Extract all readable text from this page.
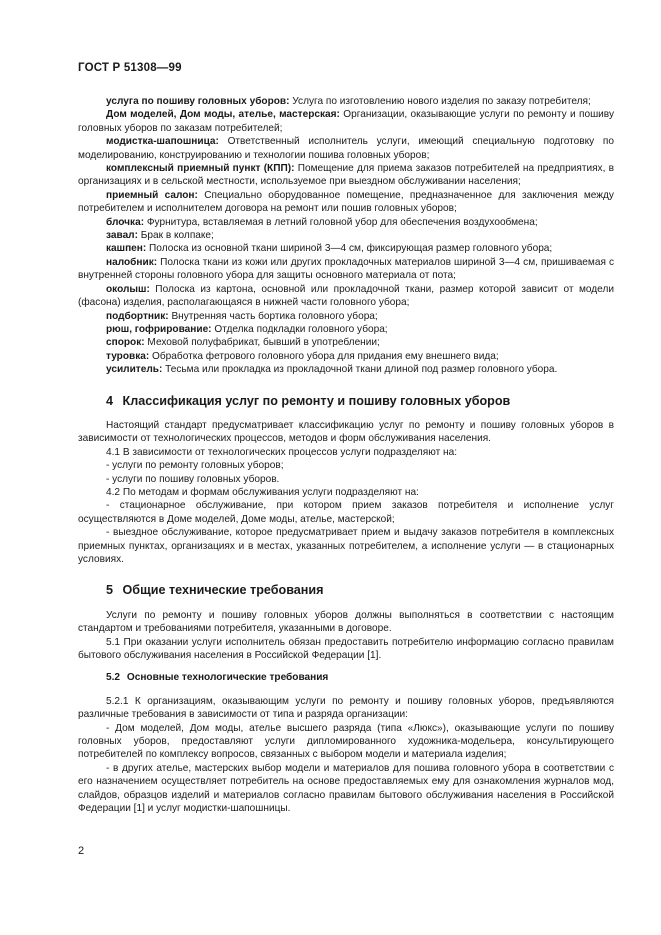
ГОСТ Р 51308—99

услуга по пошиву головных уборов: Услуга по изготовлению нового изделия по заказу потребителя;

Дом моделей, Дом моды, ателье, мастерская: Организации, оказывающие услуги по ремонту и пошиву головных уборов по заказам потребителей;

модистка-шапошница: Ответственный исполнитель услуги, имеющий специальную подготовку по моделированию, конструированию и технологии пошива головных уборов;

комплексный приемный пункт (КПП): Помещение для приема заказов потребителей на предприятиях, в организациях и в сельской местности, используемое при выездном обслуживании населения;

приемный салон: Специально оборудованное помещение, предназначенное для заключения между потребителем и исполнителем договора на ремонт или пошив головных уборов;

блочка: Фурнитура, вставляемая в летний головной убор для обеспечения воздухообмена;

завал: Брак в колпаке;

кашпен: Полоска из основной ткани шириной 3—4 см, фиксирующая размер головного убора;

налобник: Полоска ткани из кожи или других прокладочных материалов шириной 3—4 см, пришиваемая с внутренней стороны головного убора для защиты основного материала от пота;

околыш: Полоска из картона, основной или прокладочной ткани, размер которой зависит от модели (фасона) изделия, располагающаяся в нижней части головного убора;

подбортник: Внутренняя часть бортика головного убора;

рюш, гофрирование: Отделка подкладки головного убора;

спорок: Меховой полуфабрикат, бывший в употреблении;

туровка: Обработка фетрового головного убора для придания ему внешнего вида;

усилитель: Тесьма или прокладка из прокладочной ткани длиной под размер головного убора.

4 Классификация услуг по ремонту и пошиву головных уборов

Настоящий стандарт предусматривает классификацию услуг по ремонту и пошиву головных уборов в зависимости от технологических процессов, методов и форм обслуживания населения.

4.1 В зависимости от технологических процессов услуги подразделяют на:

- услуги по ремонту головных уборов;

- услуги по пошиву головных уборов.

4.2 По методам и формам обслуживания услуги подразделяют на:

- стационарное обслуживание, при котором прием заказов потребителя и исполнение услуг осуществляются в Доме моделей, Доме моды, ателье, мастерской;

- выездное обслуживание, которое предусматривает прием и выдачу заказов потребителя в комплексных приемных пунктах, организациях и в местах, указанных потребителем, а исполнение услуги — в стационарных условиях.

5 Общие технические требования

Услуги по ремонту и пошиву головных уборов должны выполняться в соответствии с настоящим стандартом и требованиями потребителя, указанными в договоре.

5.1 При оказании услуги исполнитель обязан предоставить потребителю информацию согласно правилам бытового обслуживания населения в Российской Федерации [1].

5.2 Основные технологические требования

5.2.1 К организациям, оказывающим услуги по ремонту и пошиву головных уборов, предъявляются различные требования в зависимости от типа и разряда организации:

- Дом моделей, Дом моды, ателье высшего разряда (типа «Люкс»), оказывающие услуги по пошиву головных уборов, предоставляют услуги дипломированного художника-модельера, консультирующего потребителей по комплексу вопросов, связанных с выбором модели и материала изделия;

- в других ателье, мастерских выбор модели и материалов для пошива головного убора в соответствии с его назначением осуществляет потребитель на основе предоставляемых ему для ознакомления журналов мод, слайдов, образцов изделий и материалов согласно правилам бытового обслуживания населения в Российской Федерации [1] и услуг модистки-шапошницы.

2
